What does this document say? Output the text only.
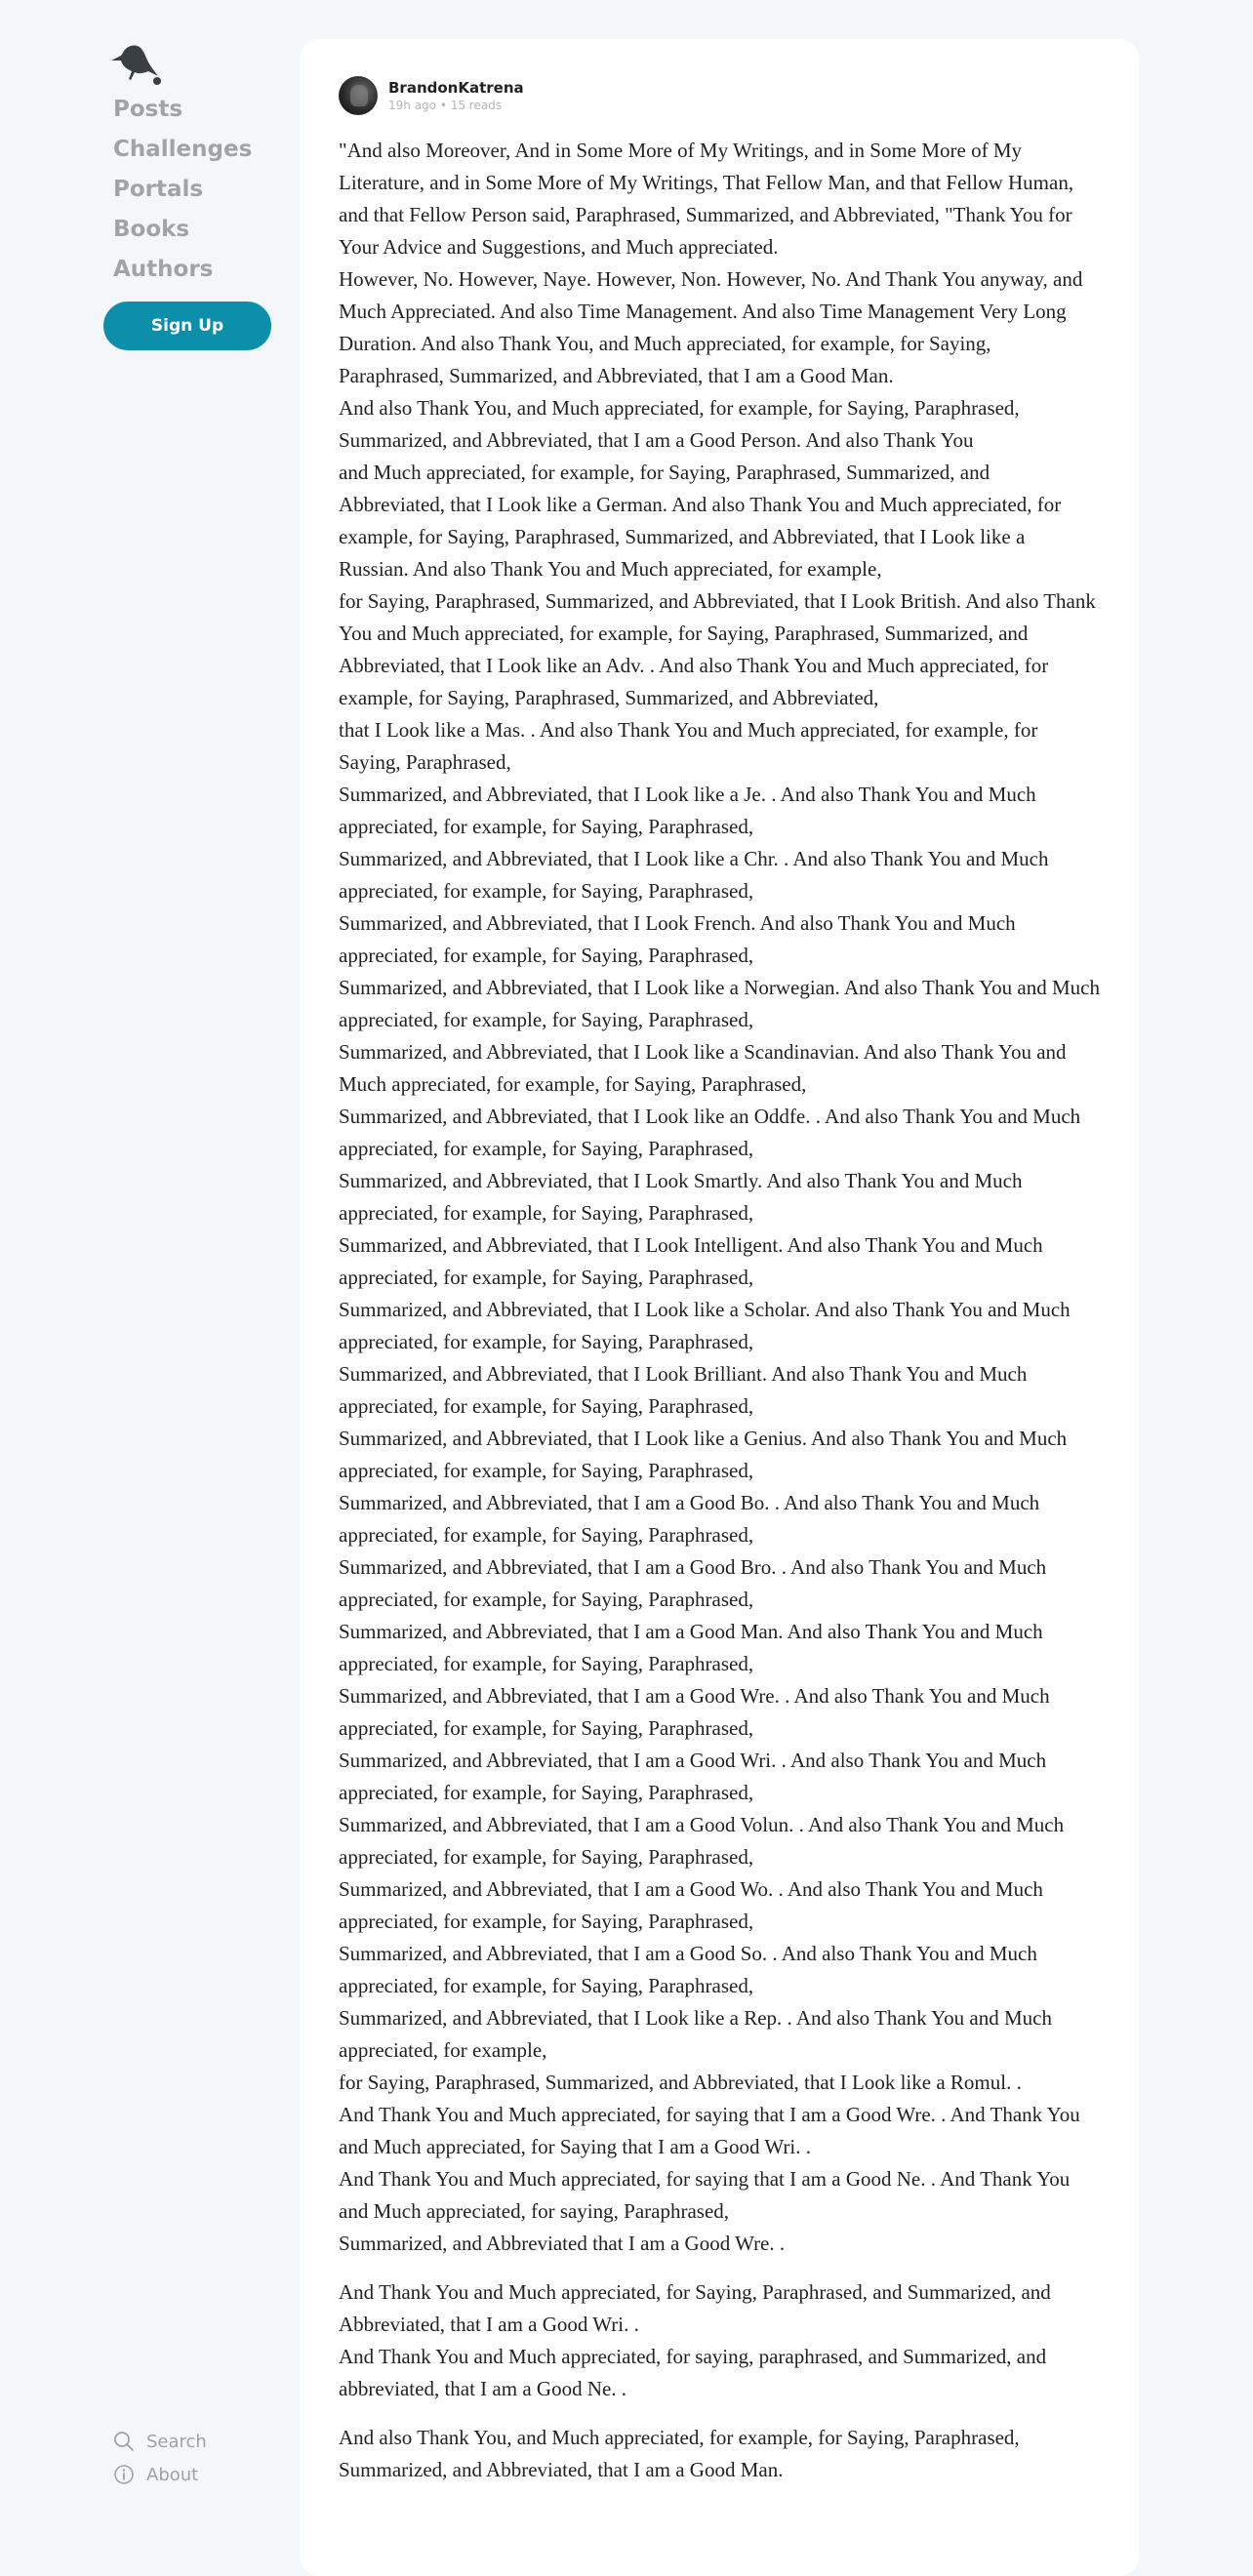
Posts
Challenges
Portals
Books
Authors
Sign Up
Search
About
BrandonKatrena
19h ago • 15 reads

"And also Moreover, And in Some More of My Writings, and in Some More of My Literature, and in Some More of My Writings, That Fellow Man, and that Fellow Human,
and that Fellow Person said, Paraphrased, Summarized, and Abbreviated, "Thank You for Your Advice and Suggestions, and Much appreciated.
However, No. However, Naye. However, Non. However, No. And Thank You anyway, and Much Appreciated. And also Time Management. And also Time Management Very Long Duration. And also Thank You, and Much appreciated, for example, for Saying, Paraphrased, Summarized, and Abbreviated, that I am a Good Man.
And also Thank You, and Much appreciated, for example, for Saying, Paraphrased, Summarized, and Abbreviated, that I am a Good Person. And also Thank You
and Much appreciated, for example, for Saying, Paraphrased, Summarized, and Abbreviated, that I Look like a German. And also Thank You and Much appreciated, for example, for Saying, Paraphrased, Summarized, and Abbreviated, that I Look like a Russian. And also Thank You and Much appreciated, for example,
for Saying, Paraphrased, Summarized, and Abbreviated, that I Look British. And also Thank You and Much appreciated, for example, for Saying, Paraphrased, Summarized, and Abbreviated, that I Look like an Adv. . And also Thank You and Much appreciated, for example, for Saying, Paraphrased, Summarized, and Abbreviated,
that I Look like a Mas. . And also Thank You and Much appreciated, for example, for Saying, Paraphrased,
Summarized, and Abbreviated, that I Look like a Je. . And also Thank You and Much appreciated, for example, for Saying, Paraphrased,
Summarized, and Abbreviated, that I Look like a Chr. . And also Thank You and Much appreciated, for example, for Saying, Paraphrased,
Summarized, and Abbreviated, that I Look French. And also Thank You and Much appreciated, for example, for Saying, Paraphrased,
Summarized, and Abbreviated, that I Look like a Norwegian. And also Thank You and Much appreciated, for example, for Saying, Paraphrased,
Summarized, and Abbreviated, that I Look like a Scandinavian. And also Thank You and Much appreciated, for example, for Saying, Paraphrased,
Summarized, and Abbreviated, that I Look like an Oddfe. . And also Thank You and Much appreciated, for example, for Saying, Paraphrased,
Summarized, and Abbreviated, that I Look Smartly. And also Thank You and Much appreciated, for example, for Saying, Paraphrased,
Summarized, and Abbreviated, that I Look Intelligent. And also Thank You and Much appreciated, for example, for Saying, Paraphrased,
Summarized, and Abbreviated, that I Look like a Scholar. And also Thank You and Much appreciated, for example, for Saying, Paraphrased,
Summarized, and Abbreviated, that I Look Brilliant. And also Thank You and Much appreciated, for example, for Saying, Paraphrased,
Summarized, and Abbreviated, that I Look like a Genius. And also Thank You and Much appreciated, for example, for Saying, Paraphrased,
Summarized, and Abbreviated, that I am a Good Bo. . And also Thank You and Much appreciated, for example, for Saying, Paraphrased,
Summarized, and Abbreviated, that I am a Good Bro. . And also Thank You and Much appreciated, for example, for Saying, Paraphrased,
Summarized, and Abbreviated, that I am a Good Man. And also Thank You and Much appreciated, for example, for Saying, Paraphrased,
Summarized, and Abbreviated, that I am a Good Wre. . And also Thank You and Much appreciated, for example, for Saying, Paraphrased,
Summarized, and Abbreviated, that I am a Good Wri. . And also Thank You and Much appreciated, for example, for Saying, Paraphrased,
Summarized, and Abbreviated, that I am a Good Volun. . And also Thank You and Much appreciated, for example, for Saying, Paraphrased,
Summarized, and Abbreviated, that I am a Good Wo. . And also Thank You and Much appreciated, for example, for Saying, Paraphrased,
Summarized, and Abbreviated, that I am a Good So. . And also Thank You and Much appreciated, for example, for Saying, Paraphrased,
Summarized, and Abbreviated, that I Look like a Rep. . And also Thank You and Much appreciated, for example,
for Saying, Paraphrased, Summarized, and Abbreviated, that I Look like a Romul. .
And Thank You and Much appreciated, for saying that I am a Good Wre. . And Thank You and Much appreciated, for Saying that I am a Good Wri. .
And Thank You and Much appreciated, for saying that I am a Good Ne. . And Thank You and Much appreciated, for saying, Paraphrased,
Summarized, and Abbreviated that I am a Good Wre. .

And Thank You and Much appreciated, for Saying, Paraphrased, and Summarized, and Abbreviated, that I am a Good Wri. .
And Thank You and Much appreciated, for saying, paraphrased, and Summarized, and abbreviated, that I am a Good Ne. .

And also Thank You, and Much appreciated, for example, for Saying, Paraphrased, Summarized, and Abbreviated, that I am a Good Man.
